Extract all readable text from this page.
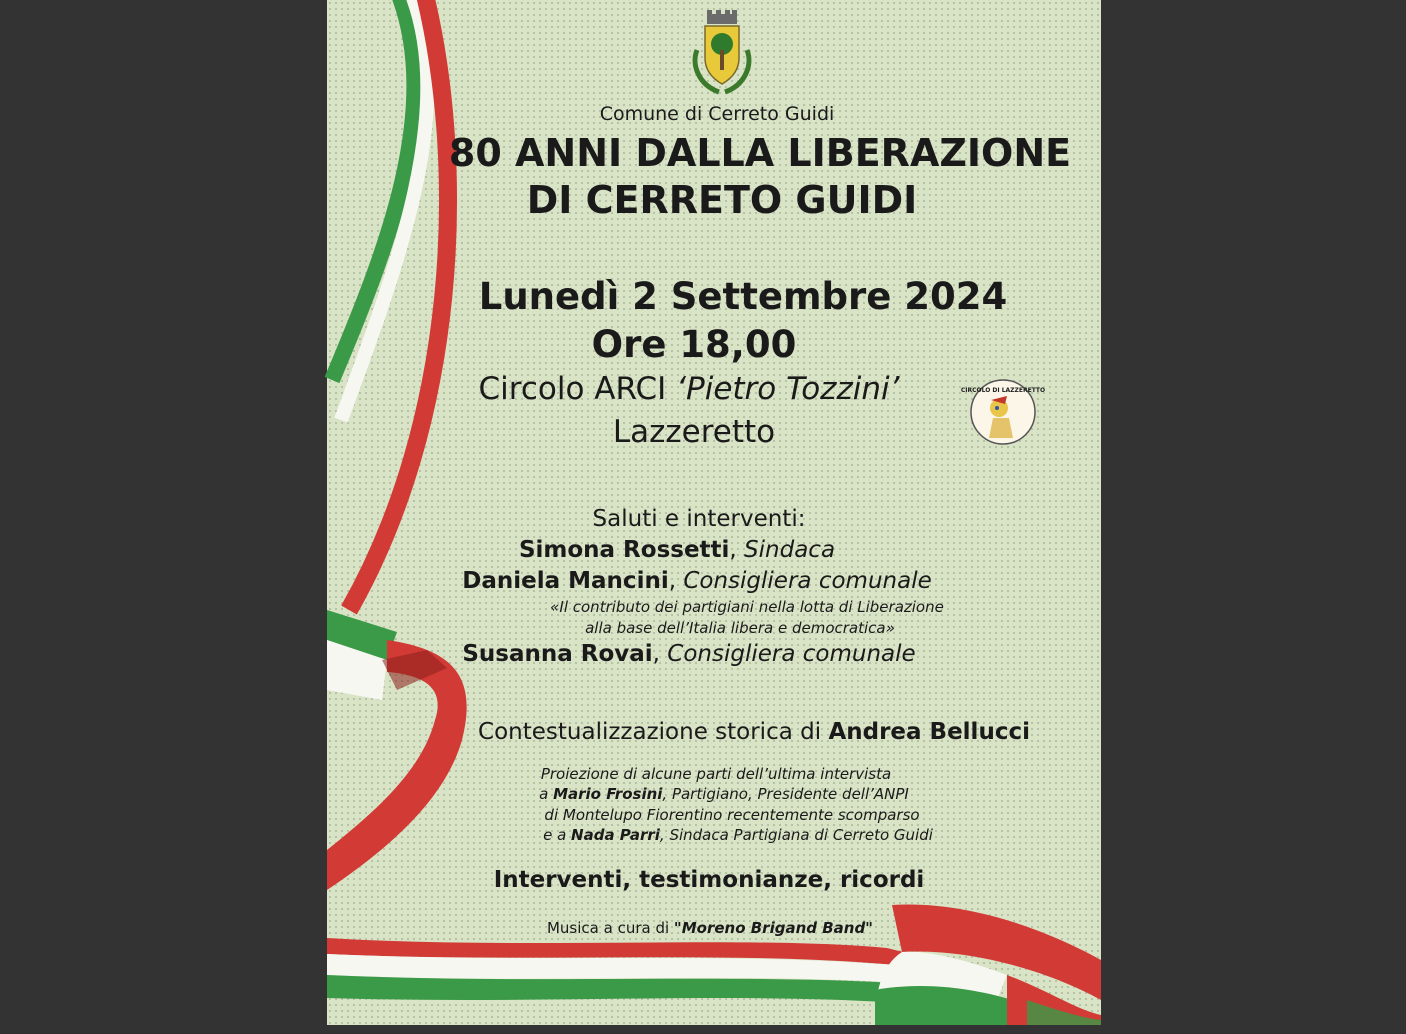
Comune di Cerreto Guidi
80 ANNI DALLA LIBERAZIONE
DI CERRETO GUIDI
Lunedì 2 Settembre 2024
Ore 18,00
Circolo ARCI ‘Pietro Tozzini’
Lazzeretto
CIRCOLO DI LAZZERETTO
Saluti e interventi:
Simona Rossetti, Sindaca
Daniela Mancini, Consigliera comunale
«Il contributo dei partigiani nella lotta di Liberazione
alla base dell’Italia libera e democratica»
Susanna Rovai, Consigliera comunale
Contestualizzazione storica di Andrea Bellucci
Proiezione di alcune parti dell’ultima intervista
a Mario Frosini, Partigiano, Presidente dell’ANPI
di Montelupo Fiorentino recentemente scomparso
e a Nada Parri, Sindaca Partigiana di Cerreto Guidi
Interventi, testimonianze, ricordi
Musica a cura di "Moreno Brigand Band"
